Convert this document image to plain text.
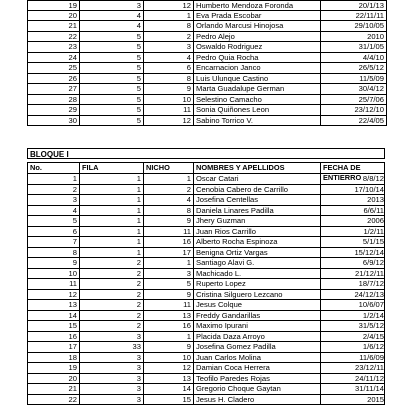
19	3	12 Humberto Mendoza Foronda	20/1/13
20	4	1 Eva Prada Escobar	22/11/11
21	4	8 Orlando Marcusi Hinojosa	29/10/05
22	5	2 Pedro Alejo	2010
23	5	3 Oswaldo Rodriguez	31/1/05
24	5	4 Pedro Quia Rocha	4/4/10
25	5	6 Encarnacion Janco	26/5/12
26	5	8 Luis Ulunque Castino	11/5/09
27	5	9 Marta Guadalupe German	30/4/12
28	5	10 Selestino Camacho	25/7/06
29	5	11 Sonia Quiñones Leon	23/12/10
30	5	12 Sabino Torrico V.	22/4/05
BLOQUE I
No.	FILA	NICHO	NOMBRES Y APELLIDOS	FECHA DE ENTIERRO
1	1	1 Oscar Catari	8/8/12
2	1	2 Cenobia Cabero de Carrillo	17/10/14
3	1	4 Josefina Centellas	2013
4	1	8 Daniela Linares Padilla	6/6/11
5	1	9 Jhery Guzman	2006
6	1	11 Juan Rios Carrillo	1/2/11
7	1	16 Alberto Rocha Espinoza	5/1/15
8	1	17 Benigna Ortiz Vargas	15/12/14
9	2	1 Santiago Alavi G.	6/9/12
10	2	3 Machicado L.	21/12/11
11	2	5 Ruperto Lopez	18/7/12
12	2	9 Cristina Silguero Lezcano	24/12/13
13	2	11 Jesus Colque	10/6/07
14	2	13 Freddy Gandarillas	1/2/14
15	2	16 Maximo Ipurani	31/5/12
16	3	1 Placida Daza Arroyo	2/4/15
17	33	9 Josefina Gomez Padilla	1/6/12
18	3	10 Juan Carlos Molina	11/6/09
19	3	12 Damian Coca Herrera	23/12/11
20	3	13 Teofilo Paredes Rojas	24/11/12
21	3	14 Gregorio Choque Gaytan	31/11/14
22	3	15 Jesus H. Cladero	2015
